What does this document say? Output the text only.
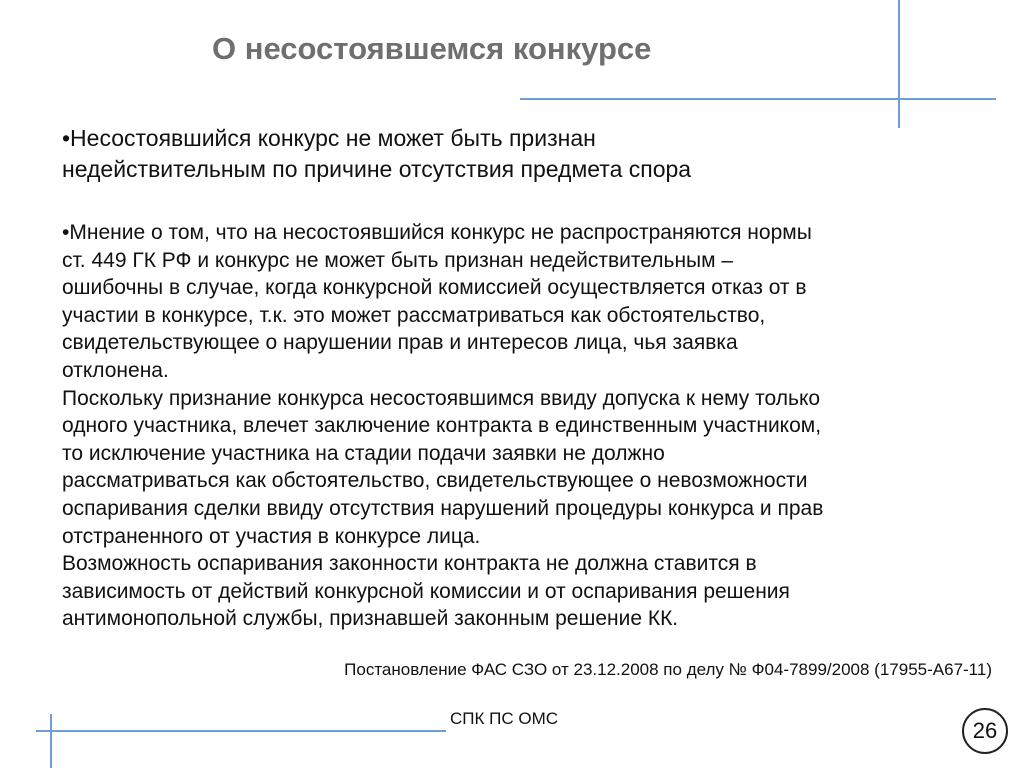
О несостоявшемся конкурсе
•Несостоявшийся конкурс не может быть признан
недействительным по причине отсутствия предмета спора
•Мнение о том, что на несостоявшийся конкурс не распространяются нормы
ст. 449 ГК РФ и конкурс не может быть признан недействительным –
ошибочны в случае, когда конкурсной комиссией осуществляется отказ от в
участии в конкурсе, т.к. это может рассматриваться как обстоятельство,
свидетельствующее о нарушении прав и интересов лица, чья заявка
отклонена.
Поскольку признание конкурса несостоявшимся ввиду допуска к нему только
одного участника, влечет заключение контракта в единственным участником,
то исключение участника на стадии подачи заявки не должно
рассматриваться как обстоятельство, свидетельствующее о невозможности
оспаривания сделки ввиду отсутствия нарушений процедуры конкурса и прав
отстраненного от участия в конкурсе лица.
Возможность оспаривания законности контракта не должна ставится в
зависимость от действий конкурсной комиссии и от оспаривания решения
антимонопольной службы, признавшей законным решение КК.
Постановление ФАС СЗО от 23.12.2008 по делу № Ф04-7899/2008 (17955-А67-11)
СПК ПС ОМС	26
